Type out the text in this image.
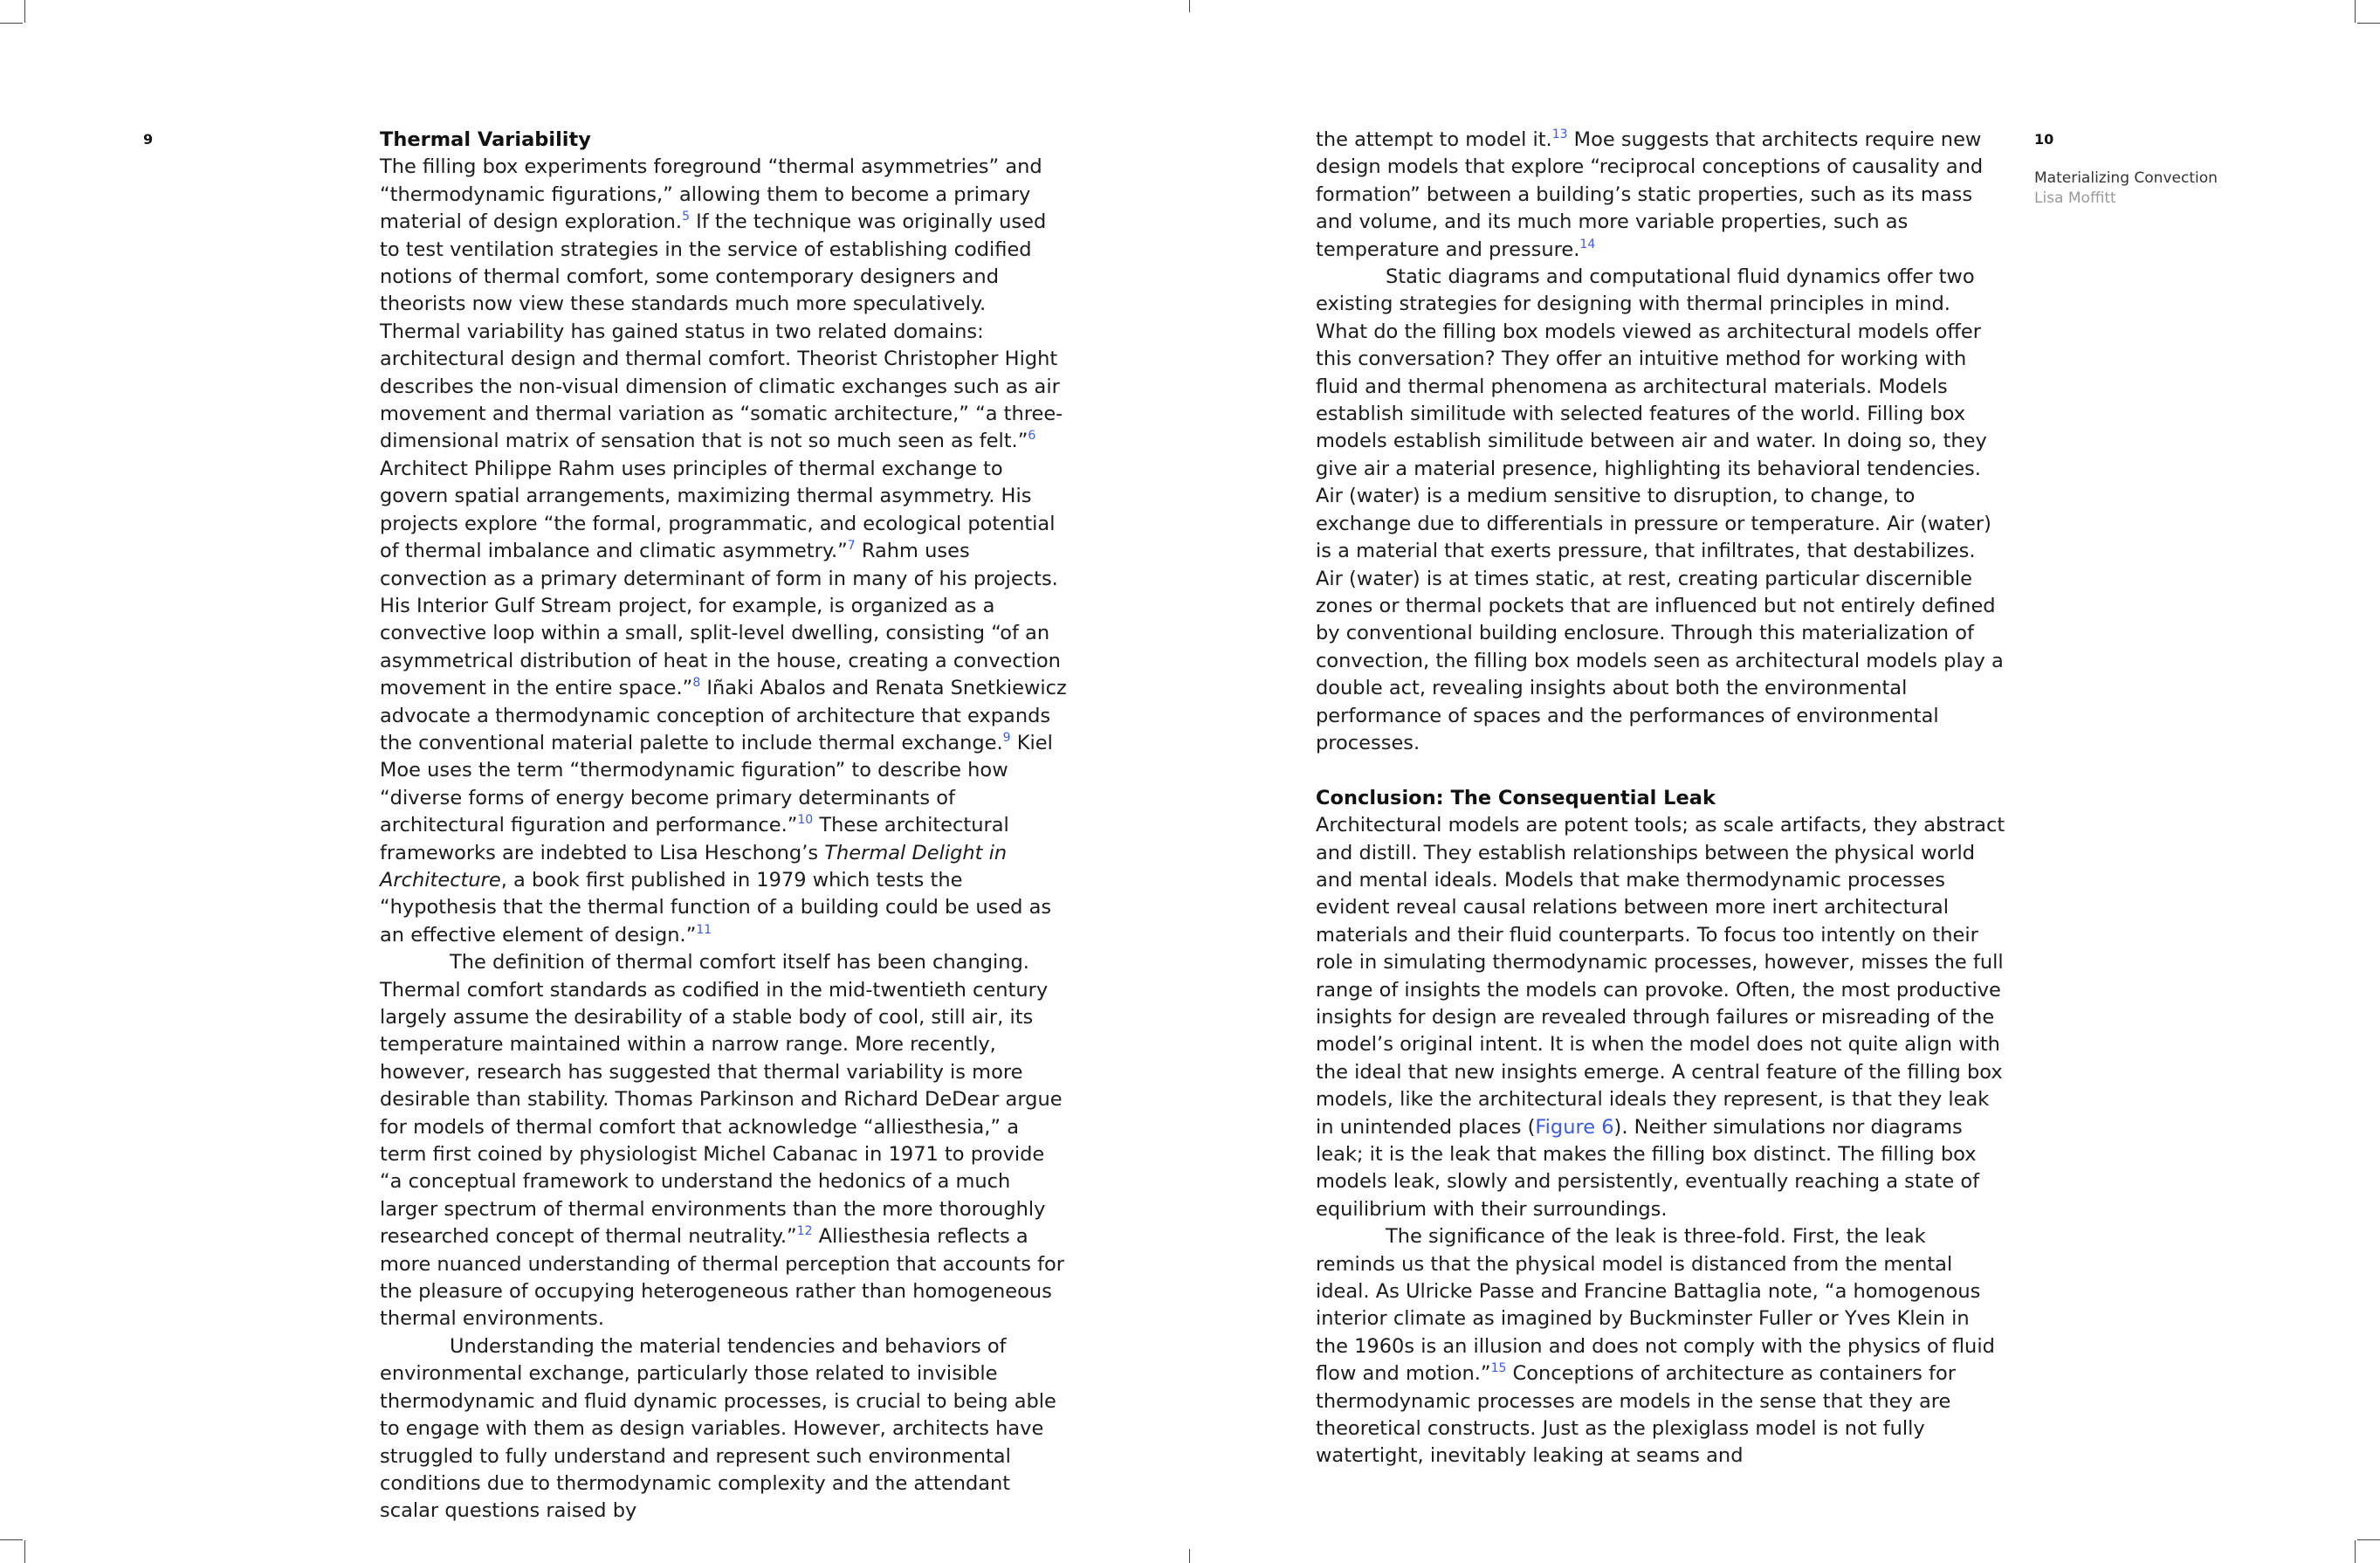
9	Thermal Variability

The filling box experiments foreground “thermal asymmetries” and “thermodynamic figurations,” allowing them to become a primary material of design exploration.$^5$ If the technique was originally used to test ventilation strategies in the service of establishing codified notions of thermal comfort, some contemporary designers and theorists now view these standards much more speculatively. Thermal variability has gained status in two related domains: architectural design and thermal comfort. Theorist Christopher Hight describes the non-visual dimension of climatic exchanges such as air movement and thermal variation as “somatic architecture,” “a three-dimensional matrix of sensation that is not so much seen as felt.”$^6$ Architect Philippe Rahm uses principles of thermal exchange to govern spatial arrangements, maximizing thermal asymmetry. His projects explore “the formal, programmatic, and ecological potential of thermal imbalance and climatic asymmetry.”$^7$ Rahm uses convection as a primary determinant of form in many of his projects. His Interior Gulf Stream project, for example, is organized as a convective loop within a small, split-level dwelling, consisting “of an asymmetrical distribution of heat in the house, creating a convection movement in the entire space.”$^8$ Iñaki Abalos and Renata Snetkiewicz advocate a thermodynamic conception of architecture that expands the conventional material palette to include thermal exchange.$^9$ Kiel Moe uses the term “thermodynamic figuration” to describe how “diverse forms of energy become primary determinants of architectural figuration and performance.”$^{10}$ These architectural frameworks are indebted to Lisa Heschong’s Thermal Delight in Architecture, a book first published in 1979 which tests the “hypothesis that the thermal function of a building could be used as an effective element of design.”$^{11}$

The definition of thermal comfort itself has been changing. Thermal comfort standards as codified in the mid-twentieth century largely assume the desirability of a stable body of cool, still air, its temperature maintained within a narrow range. More recently, however, research has suggested that thermal variability is more desirable than stability. Thomas Parkinson and Richard DeDear argue for models of thermal comfort that acknowledge “alliesthesia,” a term first coined by physiologist Michel Cabanac in 1971 to provide “a conceptual framework to understand the hedonics of a much larger spectrum of thermal environments than the more thoroughly researched concept of thermal neutrality.”$^{12}$ Alliesthesia reflects a more nuanced understanding of thermal perception that accounts for the pleasure of occupying heterogeneous rather than homogeneous thermal environments.

Understanding the material tendencies and behaviors of environmental exchange, particularly those related to invisible thermodynamic and fluid dynamic processes, is crucial to being able to engage with them as design variables. However, architects have struggled to fully understand and represent such environmental conditions due to thermodynamic complexity and the attendant scalar questions raised by

the attempt to model it.$^{13}$ Moe suggests that architects require new design models that explore “reciprocal conceptions of causality and formation” between a building’s static properties, such as its mass and volume, and its much more variable properties, such as temperature and pressure.$^{14}$

Static diagrams and computational fluid dynamics offer two existing strategies for designing with thermal principles in mind. What do the filling box models viewed as architectural models offer this conversation? They offer an intuitive method for working with fluid and thermal phenomena as architectural materials. Models establish similitude with selected features of the world. Filling box models establish similitude between air and water. In doing so, they give air a material presence, highlighting its behavioral tendencies. Air (water) is a medium sensitive to disruption, to change, to exchange due to differentials in pressure or temperature. Air (water) is a material that exerts pressure, that infiltrates, that destabilizes. Air (water) is at times static, at rest, creating particular discernible zones or thermal pockets that are influenced but not entirely defined by conventional building enclosure. Through this materialization of convection, the filling box models seen as architectural models play a double act, revealing insights about both the environmental performance of spaces and the performances of environmental processes.

Conclusion: The Consequential Leak

Architectural models are potent tools; as scale artifacts, they abstract and distill. They establish relationships between the physical world and mental ideals. Models that make thermodynamic processes evident reveal causal relations between more inert architectural materials and their fluid counterparts. To focus too intently on their role in simulating thermodynamic processes, however, misses the full range of insights the models can provoke. Often, the most productive insights for design are revealed through failures or misreading of the model’s original intent. It is when the model does not quite align with the ideal that new insights emerge. A central feature of the filling box models, like the architectural ideals they represent, is that they leak in unintended places (Figure 6). Neither simulations nor diagrams leak; it is the leak that makes the filling box distinct. The filling box models leak, slowly and persistently, eventually reaching a state of equilibrium with their surroundings.

The significance of the leak is three-fold. First, the leak reminds us that the physical model is distanced from the mental ideal. As Ulricke Passe and Francine Battaglia note, “a homogenous interior climate as imagined by Buckminster Fuller or Yves Klein in the 1960s is an illusion and does not comply with the physics of fluid flow and motion.”$^{15}$ Conceptions of architecture as containers for thermodynamic processes are models in the sense that they are theoretical constructs. Just as the plexiglass model is not fully watertight, inevitably leaking at seams and

10
Materializing Convection
Lisa Moffitt
